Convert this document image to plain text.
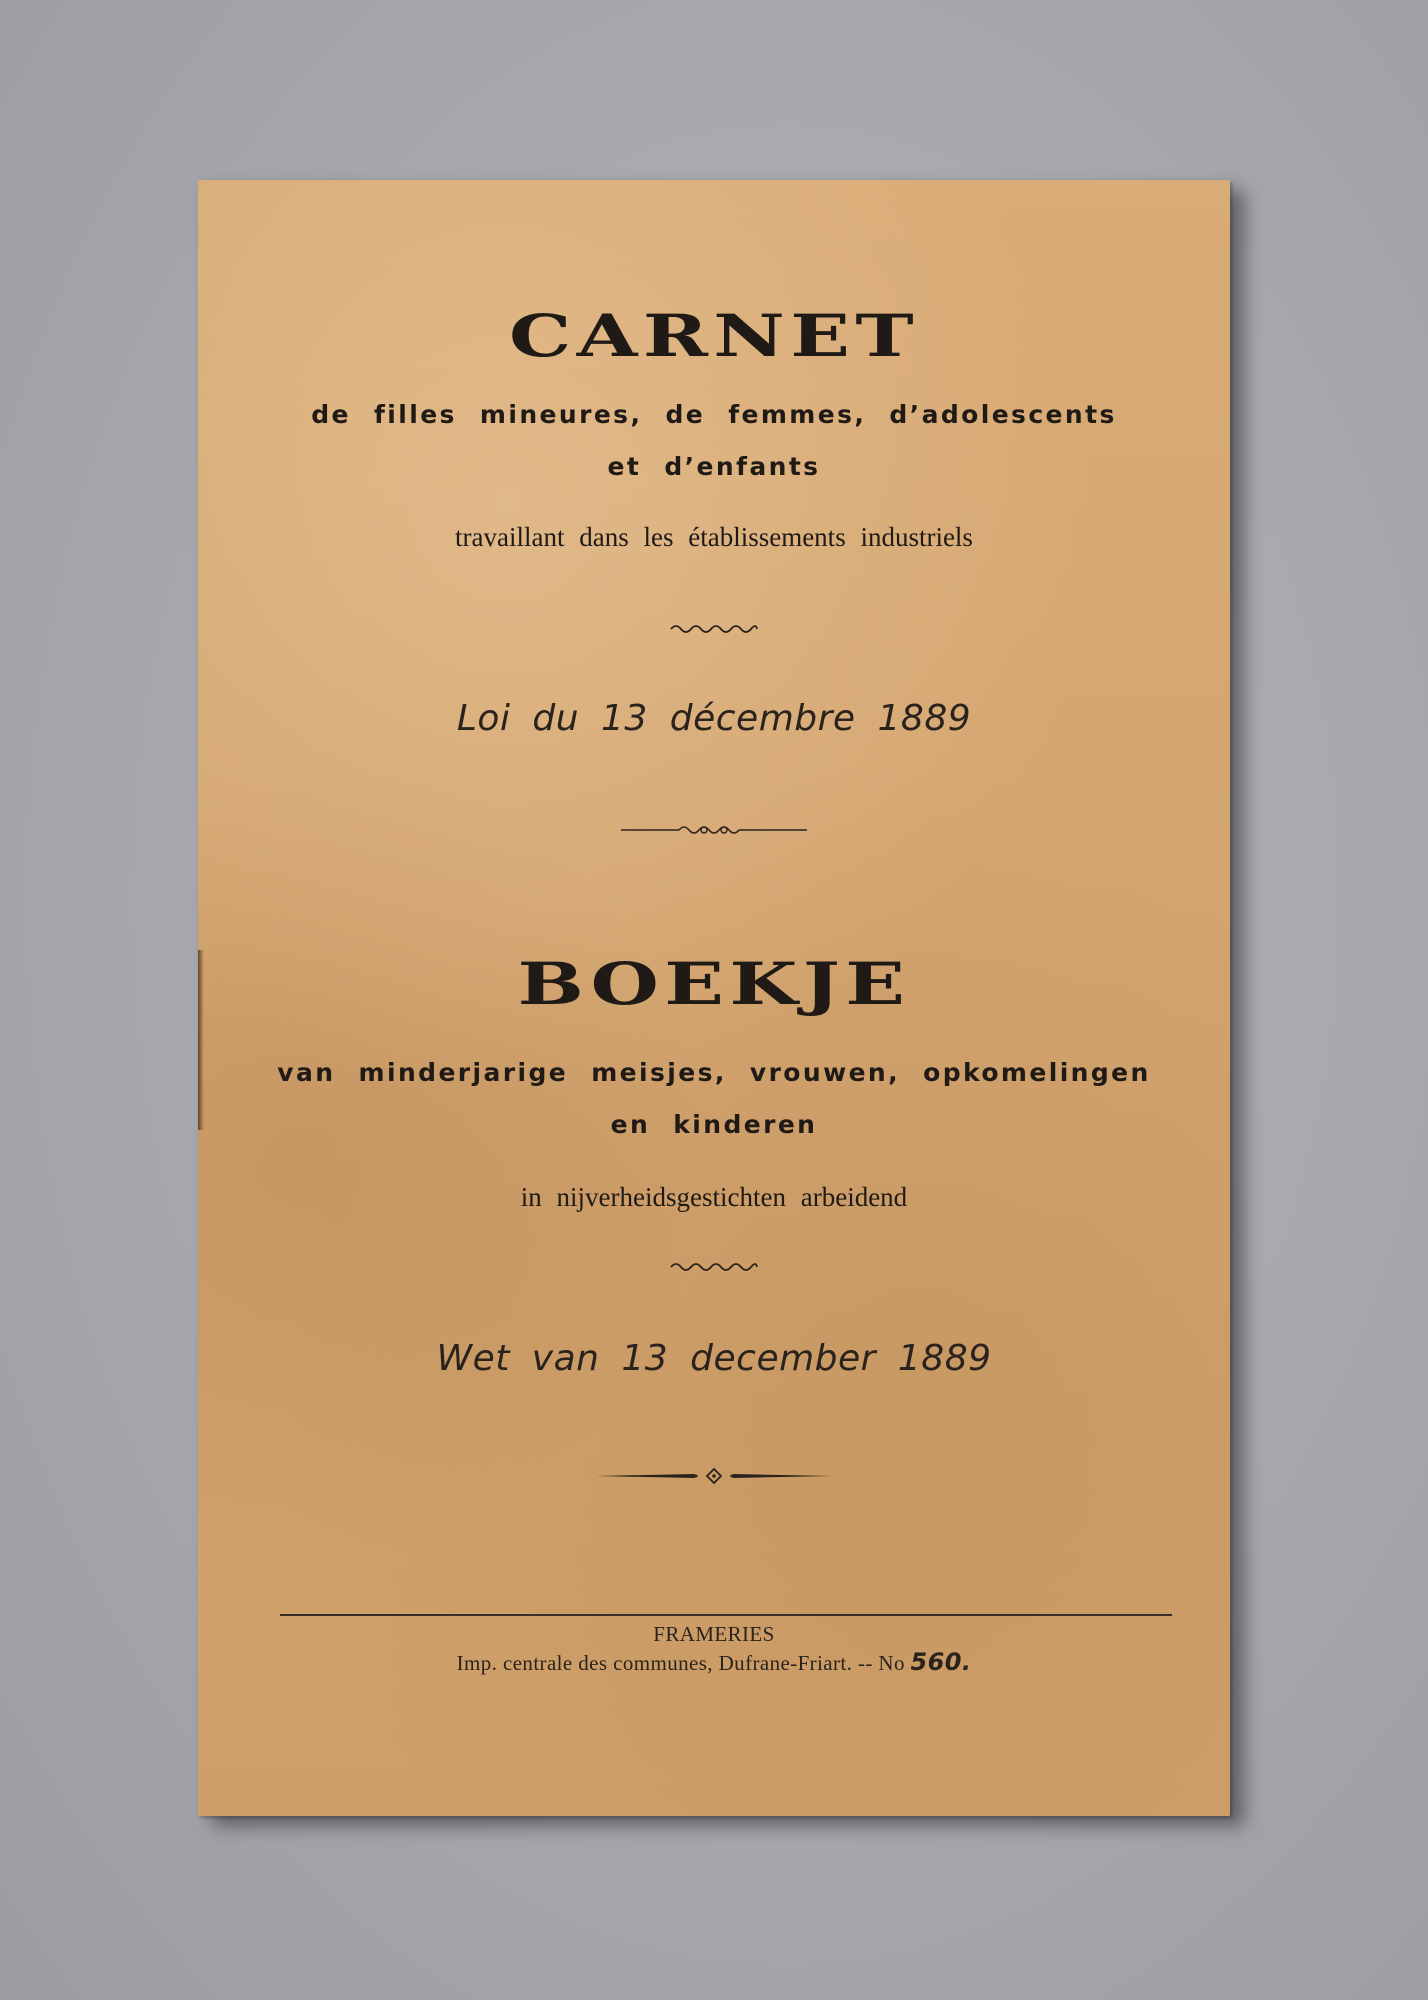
CARNET
de filles mineures, de femmes, d’adolescents
et d’enfants
travaillant dans les établissements industriels
Loi du 13 décembre 1889
BOEKJE
van minderjarige meisjes, vrouwen, opkomelingen
en kinderen
in nijverheidsgestichten arbeidend
Wet van 13 december 1889
FRAMERIES
Imp. centrale des communes, Dufrane-Friart. -- No 560.
